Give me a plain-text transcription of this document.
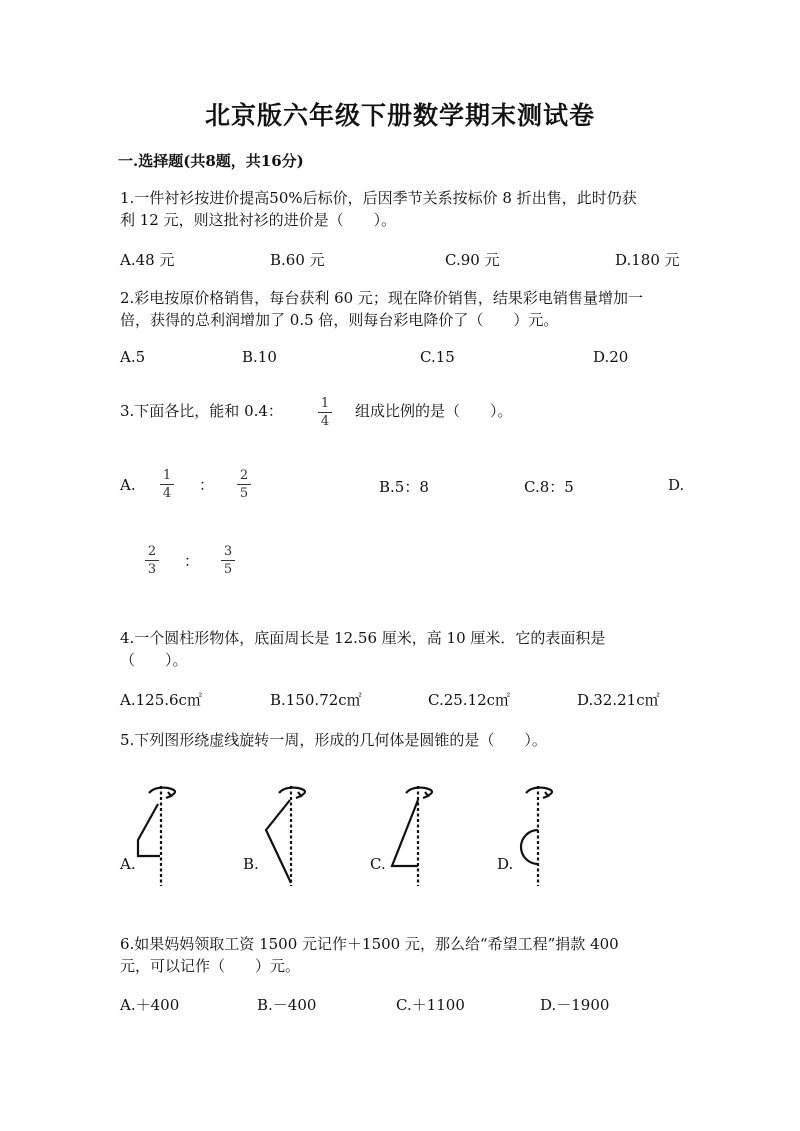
北京版六年级下册数学期末测试卷
一.选择题(共8题，共16分)
1.一件衬衫按进价提高50%后标价，后因季节关系按标价 8 折出售，此时仍获
利 12 元，则这批衬衫的进价是（　　）。
A.48 元	B.60 元	C.90 元	D.180 元
2.彩电按原价格销售，每台获利 60 元；现在降价销售，结果彩电销售量增加一
倍，获得的总利润增加了 0.5 倍，则每台彩电降价了（　　）元。
A.5	B.10	C.15	D.20
3.下面各比，能和 0.4：	1
4
组成比例的是（　　）。
A.
1
4 ：
2
5	B.5：8	C.8：5	D.
2
3 ：
3
5
4.一个圆柱形物体，底面周长是 12.56 厘米，高 10 厘米．它的表面积是
（　　）。
A.125.6c㎡	B.150.72c㎡	C.25.12c㎡	D.32.21c㎡
5.下列图形绕虚线旋转一周，形成的几何体是圆锥的是（　　）。
A.	B.	C.	D.
6.如果妈妈领取工资 1500 元记作＋1500 元，那么给“希望工程”捐款 400
元，可以记作（　　）元。
A.＋400	B.－400	C.＋1100	D.－1900
